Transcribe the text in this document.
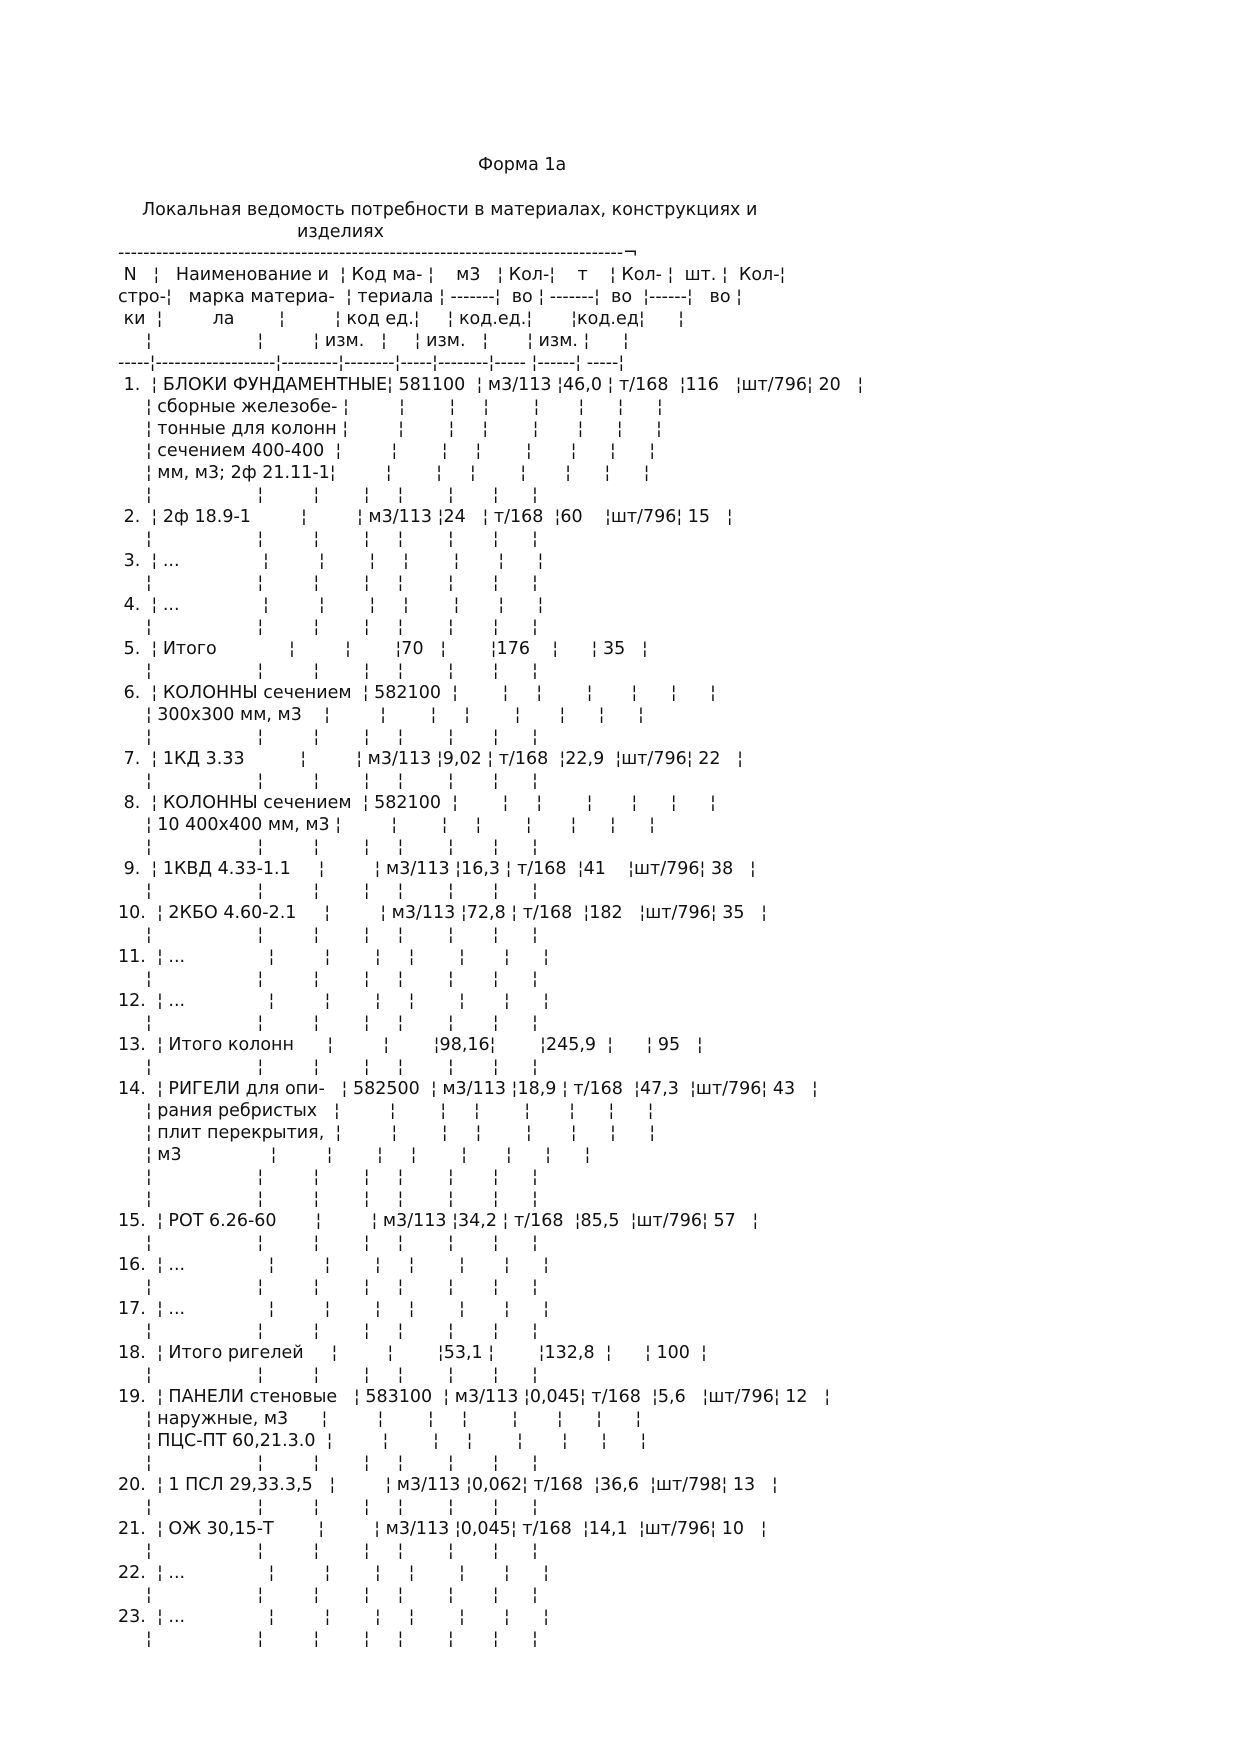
Форма 1а
Локальная ведомость потребности в материалах, конструкциях и
изделиях
--------------------------------------------------------------------------------¬
N   ¦   Наименование и  ¦ Код ма- ¦    м3   ¦ Кол-¦    т    ¦ Кол- ¦  шт. ¦  Кол-¦
стро-¦   марка материа-  ¦ териала ¦ -------¦  во ¦ -------¦  во  ¦------¦   во ¦
ки  ¦         ла        ¦         ¦ код ед.¦     ¦ код.ед.¦       ¦код.ед¦      ¦
¦                   ¦         ¦ изм.   ¦     ¦ изм.   ¦       ¦ изм. ¦      ¦
-----¦-------------------¦---------¦--------¦-----¦--------¦----- ¦------¦ -----¦
1.  ¦ БЛОКИ ФУНДАМЕНТНЫЕ¦ 581100  ¦ м3/113 ¦46,0 ¦ т/168  ¦116   ¦шт/796¦ 20   ¦
¦ сборные железобе- ¦         ¦        ¦     ¦        ¦       ¦      ¦      ¦
¦ тонные для колонн ¦         ¦        ¦     ¦        ¦       ¦      ¦      ¦
¦ сечением 400-400  ¦         ¦        ¦     ¦        ¦       ¦      ¦      ¦
¦ мм, м3; 2ф 21.11-1¦         ¦        ¦     ¦        ¦       ¦      ¦      ¦
¦                   ¦         ¦        ¦     ¦        ¦       ¦      ¦
2.  ¦ 2ф 18.9-1         ¦         ¦ м3/113 ¦24   ¦ т/168  ¦60    ¦шт/796¦ 15   ¦
¦                   ¦         ¦        ¦     ¦        ¦       ¦      ¦
3.  ¦ ...               ¦         ¦        ¦     ¦        ¦       ¦      ¦
¦                   ¦         ¦        ¦     ¦        ¦       ¦      ¦
4.  ¦ ...               ¦         ¦        ¦     ¦        ¦       ¦      ¦
¦                   ¦         ¦        ¦     ¦        ¦       ¦      ¦
5.  ¦ Итого             ¦         ¦        ¦70   ¦        ¦176    ¦      ¦ 35   ¦
¦                   ¦         ¦        ¦     ¦        ¦       ¦      ¦
6.  ¦ КОЛОННЫ сечением  ¦ 582100  ¦        ¦     ¦        ¦       ¦      ¦      ¦
¦ 300х300 мм, м3    ¦         ¦        ¦     ¦        ¦       ¦      ¦      ¦
¦                   ¦         ¦        ¦     ¦        ¦       ¦      ¦
7.  ¦ 1КД 3.33          ¦         ¦ м3/113 ¦9,02 ¦ т/168  ¦22,9  ¦шт/796¦ 22   ¦
¦                   ¦         ¦        ¦     ¦        ¦       ¦      ¦
8.  ¦ КОЛОННЫ сечением  ¦ 582100  ¦        ¦     ¦        ¦       ¦      ¦      ¦
¦ 10 400х400 мм, м3 ¦         ¦        ¦     ¦        ¦       ¦      ¦      ¦
¦                   ¦         ¦        ¦     ¦        ¦       ¦      ¦
9.  ¦ 1КВД 4.33-1.1     ¦         ¦ м3/113 ¦16,3 ¦ т/168  ¦41    ¦шт/796¦ 38   ¦
¦                   ¦         ¦        ¦     ¦        ¦       ¦      ¦
10.  ¦ 2КБО 4.60-2.1     ¦         ¦ м3/113 ¦72,8 ¦ т/168  ¦182   ¦шт/796¦ 35   ¦
¦                   ¦         ¦        ¦     ¦        ¦       ¦      ¦
11.  ¦ ...               ¦         ¦        ¦     ¦        ¦       ¦      ¦
¦                   ¦         ¦        ¦     ¦        ¦       ¦      ¦
12.  ¦ ...               ¦         ¦        ¦     ¦        ¦       ¦      ¦
¦                   ¦         ¦        ¦     ¦        ¦       ¦      ¦
13.  ¦ Итого колонн      ¦         ¦        ¦98,16¦        ¦245,9  ¦      ¦ 95   ¦
¦                   ¦         ¦        ¦     ¦        ¦       ¦      ¦
14.  ¦ РИГЕЛИ для опи-   ¦ 582500  ¦ м3/113 ¦18,9 ¦ т/168  ¦47,3  ¦шт/796¦ 43   ¦
¦ рания ребристых   ¦         ¦        ¦     ¦        ¦       ¦      ¦      ¦
¦ плит перекрытия,  ¦         ¦        ¦     ¦        ¦       ¦      ¦      ¦
¦ м3                ¦         ¦        ¦     ¦        ¦       ¦      ¦      ¦
¦                   ¦         ¦        ¦     ¦        ¦       ¦      ¦
¦                   ¦         ¦        ¦     ¦        ¦       ¦      ¦
15.  ¦ РОТ 6.26-60       ¦         ¦ м3/113 ¦34,2 ¦ т/168  ¦85,5  ¦шт/796¦ 57   ¦
¦                   ¦         ¦        ¦     ¦        ¦       ¦      ¦
16.  ¦ ...               ¦         ¦        ¦     ¦        ¦       ¦      ¦
¦                   ¦         ¦        ¦     ¦        ¦       ¦      ¦
17.  ¦ ...               ¦         ¦        ¦     ¦        ¦       ¦      ¦
¦                   ¦         ¦        ¦     ¦        ¦       ¦      ¦
18.  ¦ Итого ригелей     ¦         ¦        ¦53,1 ¦        ¦132,8  ¦      ¦ 100  ¦
¦                   ¦         ¦        ¦     ¦        ¦       ¦      ¦
19.  ¦ ПАНЕЛИ стеновые   ¦ 583100  ¦ м3/113 ¦0,045¦ т/168  ¦5,6   ¦шт/796¦ 12   ¦
¦ наружные, м3      ¦         ¦        ¦     ¦        ¦       ¦      ¦      ¦
¦ ПЦС-ПТ 60,21.3.0  ¦         ¦        ¦     ¦        ¦       ¦      ¦      ¦
¦                   ¦         ¦        ¦     ¦        ¦       ¦      ¦
20.  ¦ 1 ПСЛ 29,33.3,5   ¦         ¦ м3/113 ¦0,062¦ т/168  ¦36,6  ¦шт/798¦ 13   ¦
¦                   ¦         ¦        ¦     ¦        ¦       ¦      ¦
21.  ¦ ОЖ 30,15-Т        ¦         ¦ м3/113 ¦0,045¦ т/168  ¦14,1  ¦шт/796¦ 10   ¦
¦                   ¦         ¦        ¦     ¦        ¦       ¦      ¦
22.  ¦ ...               ¦         ¦        ¦     ¦        ¦       ¦      ¦
¦                   ¦         ¦        ¦     ¦        ¦       ¦      ¦
23.  ¦ ...               ¦         ¦        ¦     ¦        ¦       ¦      ¦
¦                   ¦         ¦        ¦     ¦        ¦       ¦      ¦
